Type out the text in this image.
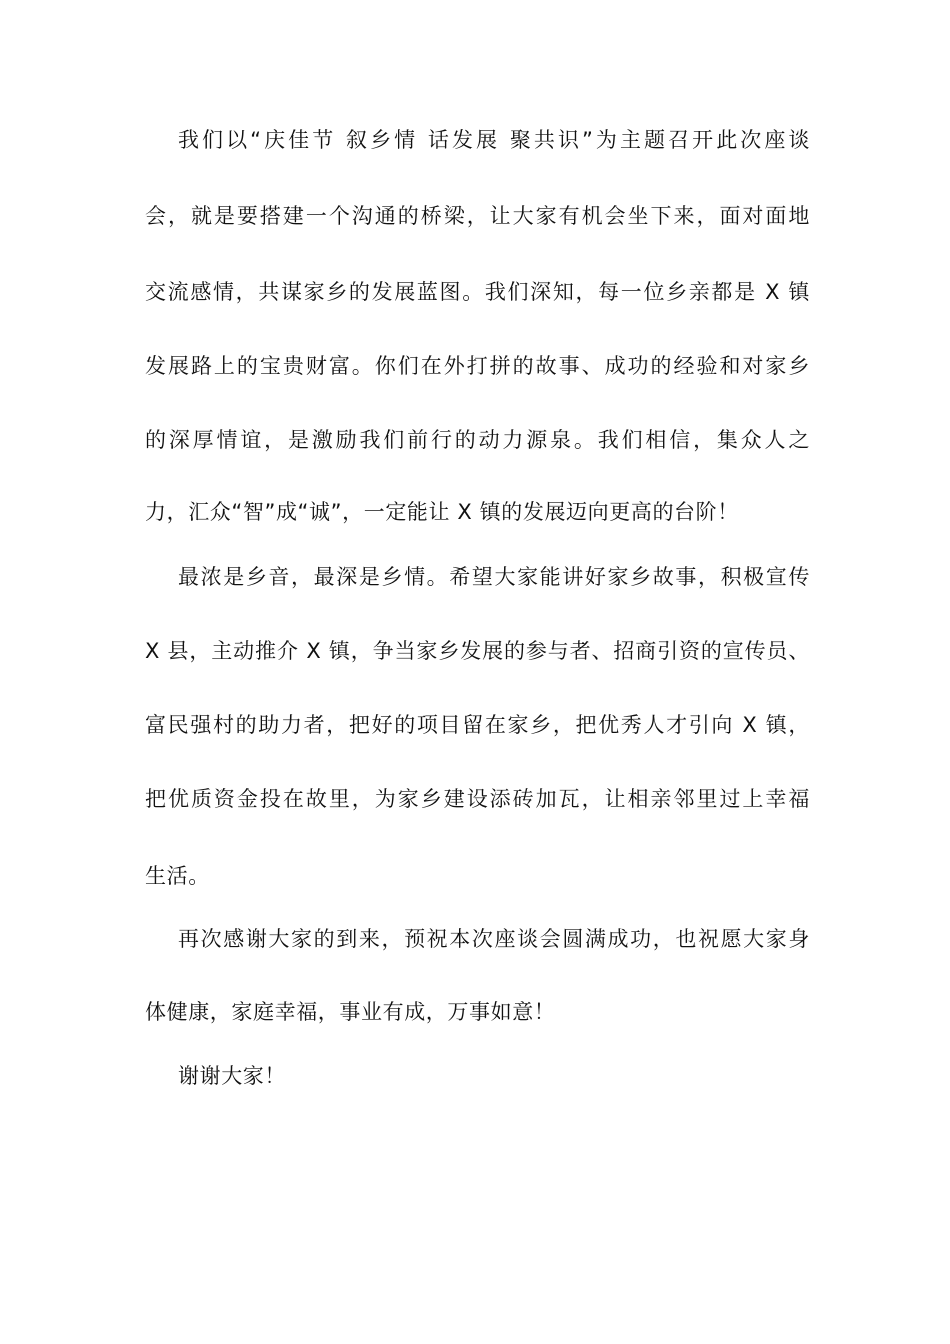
我们以“庆佳节 叙乡情 话发展 聚共识”为主题召开此次座谈
会，就是要搭建一个沟通的桥梁，让大家有机会坐下来，面对面地
交流感情，共谋家乡的发展蓝图。我们深知，每一位乡亲都是 X 镇
发展路上的宝贵财富。你们在外打拼的故事、成功的经验和对家乡
的深厚情谊，是激励我们前行的动力源泉。我们相信，集众人之
力，汇众“智”成“诚”，一定能让 X 镇的发展迈向更高的台阶！
最浓是乡音，最深是乡情。希望大家能讲好家乡故事，积极宣传
X 县，主动推介 X 镇，争当家乡发展的参与者、招商引资的宣传员、
富民强村的助力者，把好的项目留在家乡，把优秀人才引向 X 镇，
把优质资金投在故里，为家乡建设添砖加瓦，让相亲邻里过上幸福
生活。
再次感谢大家的到来，预祝本次座谈会圆满成功，也祝愿大家身
体健康，家庭幸福，事业有成，万事如意！
谢谢大家！
